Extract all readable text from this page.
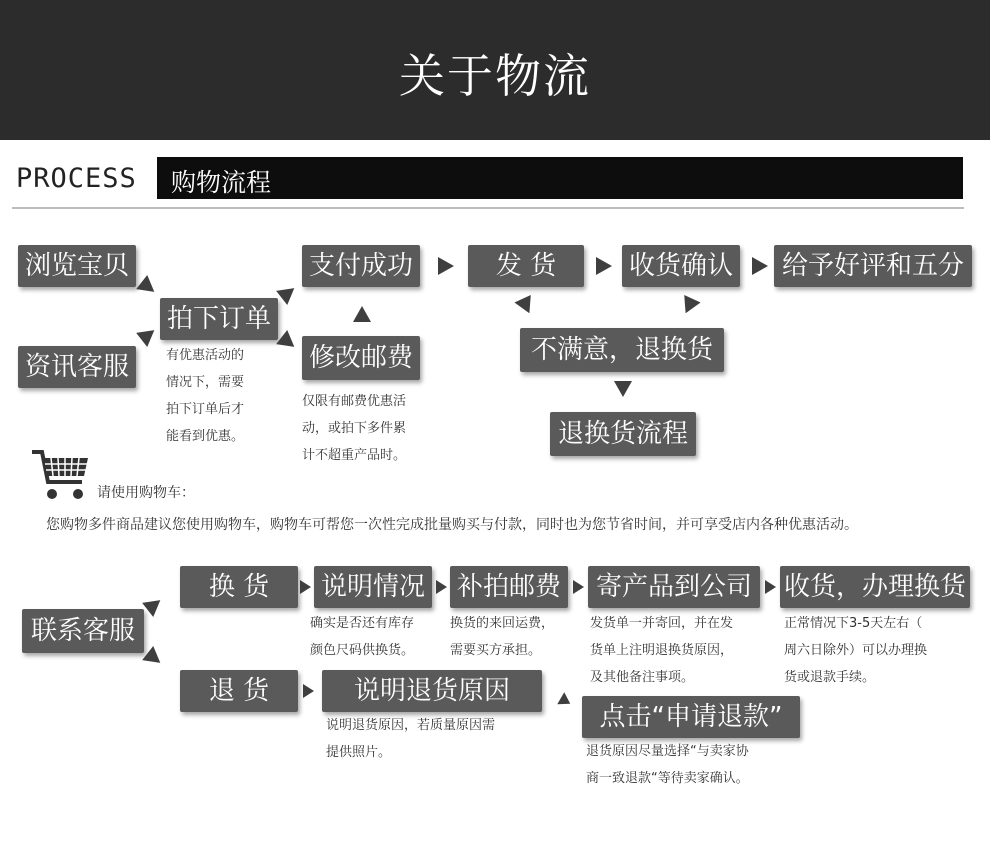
关于物流
PROCESS 购物流程
浏览宝贝
资讯客服
拍下订单
支付成功
修改邮费
发 货	收货确认	给予好评和五分
不满意，退换货
退换货流程
有优惠活动的
情况下，需要
拍下订单后才
能看到优惠。
仅限有邮费优惠活
动，或拍下多件累
计不超重产品时。
请使用购物车：
您购物多件商品建议您使用购物车，购物车可帮您一次性完成批量购买与付款，同时也为您节省时间，并可享受店内各种优惠活动。
联系客服
换 货	说明情况 补拍邮费	寄产品到公司	收货，办理换货
退 货	说明退货原因
点击“申请退款”
确实是否还有库存
颜色尺码供换货。
换货的来回运费，
需要买方承担。
发货单一并寄回，并在发
货单上注明退换货原因，
及其他备注事项。
正常情况下3-5天左右（
周六日除外）可以办理换
货或退款手续。
说明退货原因，若质量原因需
提供照片。	退货原因尽量选择“与卖家协
商一致退款“等待卖家确认。
